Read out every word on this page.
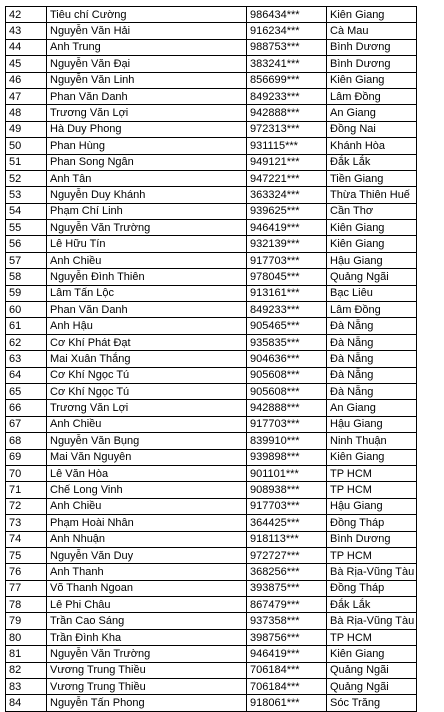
42	Tiêu chí Cường	986434***	Kiên Giang
43	Nguyễn Văn Hải	916234***	Cà Mau
44	Anh Trung	988753***	Bình Dương
45	Nguyễn Văn Đại	383241***	Bình Dương
46	Nguyễn Văn Linh	856699***	Kiên Giang
47	Phan Văn Danh	849233***	Lâm Đồng
48	Trương Văn Lợi	942888***	An Giang
49	Hà Duy Phong	972313***	Đồng Nai
50	Phan Hùng	931115***	Khánh Hòa
51	Phan Song Ngân	949121***	Đắk Lắk
52	Anh Tân	947221***	Tiền Giang
53	Nguyễn Duy Khánh	363324***	Thừa Thiên Huế
54	Phạm Chí Linh	939625***	Cần Thơ
55	Nguyễn Văn Trường	946419***	Kiên Giang
56	Lê Hữu Tín	932139***	Kiên Giang
57	Anh Chiều	917703***	Hậu Giang
58	Nguyễn Đình Thiên	978045***	Quảng Ngãi
59	Lâm Tấn Lộc	913161***	Bạc Liêu
60	Phan Văn Danh	849233***	Lâm Đồng
61	Anh Hậu	905465***	Đà Nẵng
62	Cơ Khí Phát Đạt	935835***	Đà Nẵng
63	Mai Xuân Thắng	904636***	Đà Nẵng
64	Cơ Khí Ngọc Tú	905608***	Đà Nẵng
65	Cơ Khí Ngọc Tú	905608***	Đà Nẵng
66	Trương Văn Lợi	942888***	An Giang
67	Anh Chiều	917703***	Hậu Giang
68	Nguyễn Văn Bụng	839910***	Ninh Thuận
69	Mai Văn Nguyên	939898***	Kiên Giang
70	Lê Văn Hòa	901101***	TP HCM
71	Chế Long Vinh	908938***	TP HCM
72	Anh Chiều	917703***	Hậu Giang
73	Phạm Hoài Nhân	364425***	Đồng Tháp
74	Anh Nhuận	918113***	Bình Dương
75	Nguyễn Văn Duy	972727***	TP HCM
76	Anh Thanh	368256***	Bà Rịa-Vũng Tàu
77	Võ Thanh Ngoan	393875***	Đồng Tháp
78	Lê Phi Châu	867479***	Đắk Lắk
79	Trần Cao Sáng	937358***	Bà Rịa-Vũng Tàu
80	Trần Đình Kha	398756***	TP HCM
81	Nguyễn Văn Trường	946419***	Kiên Giang
82	Vương Trung Thiều	706184***	Quảng Ngãi
83	Vương Trung Thiều	706184***	Quảng Ngãi
84	Nguyễn Tấn Phong	918061***	Sóc Trăng
